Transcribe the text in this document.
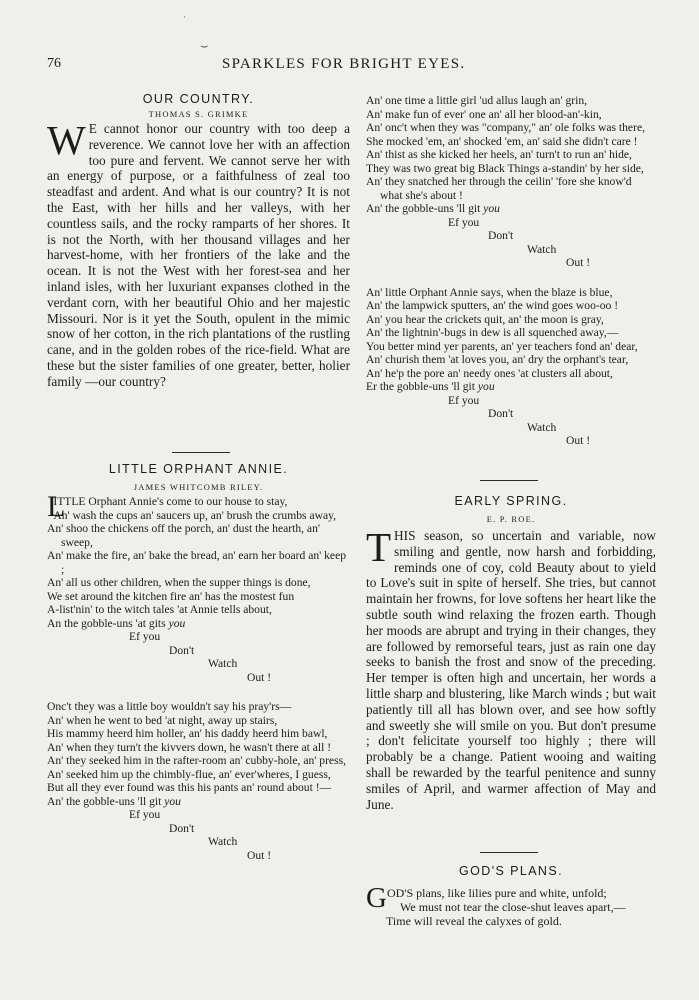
76	SPARKLES FOR BRIGHT EYES.
·
⌣
OUR COUNTRY.
THOMAS S. GRIMKE

W E cannot honor our country with too deep a reverence. We cannot love her with an affection too pure and fervent. We cannot serve her with an energy of purpose, or a faithfulness of zeal too steadfast and ardent. And what is our country? It is not the East, with her hills and her valleys, with her countless sails, and the rocky ramparts of her shores. It is not the North, with her thousand villages and her harvest-home, with her frontiers of the lake and the ocean. It is not the West with her forest-sea and her inland isles, with her luxuriant expanses clothed in the verdant corn, with her beautiful Ohio and her majestic Missouri. Nor is it yet the South, opulent in the mimic snow of her cotton, in the rich plantations of the rustling cane, and in the golden robes of the rice-field. What are these but the sister families of one greater, better, holier family —our country?

LITTLE ORPHANT ANNIE.
JAMES WHITCOMB RILEY.
L
ITTLE Orphant Annie's come to our house to stay,
An' wash the cups an' saucers up, an' brush the crumbs away,
An' shoo the chickens off the porch, an' dust the hearth, an' sweep,
An' make the fire, an' bake the bread, an' earn her board an' keep ;
An' all us other children, when the supper things is done,
We set around the kitchen fire an' has the mostest fun
A-list'nin' to the witch tales 'at Annie tells about,
An the gobble-uns 'at gits you
Ef you
Don't
Watch
Out !
Onc't they was a little boy wouldn't say his pray'rs—
An' when he went to bed 'at night, away up stairs,
His mammy heerd him holler, an' his daddy heerd him bawl,
An' when they turn't the kivvers down, he wasn't there at all !
An' they seeked him in the rafter-room an' cubby-hole, an' press,
An' seeked him up the chimbly-flue, an' ever'wheres, I guess,
But all they ever found was this his pants an' round about !—
An' the gobble-uns 'll git you
Ef you
Don't
Watch
Out !
An' one time a little girl 'ud allus laugh an' grin,
An' make fun of ever' one an' all her blood-an'-kin,
An' onc't when they was "company," an' ole folks was there,
She mocked 'em, an' shocked 'em, an' said she didn't care !
An' thist as she kicked her heels, an' turn't to run an' hide,
They was two great big Black Things a-standin' by her side,
An' they snatched her through the ceilin' 'fore she know'd what she's about !
An' the gobble-uns 'll git you
Ef you
Don't
Watch
Out !
An' little Orphant Annie says, when the blaze is blue,
An' the lampwick sputters, an' the wind goes woo-oo !
An' you hear the crickets quit, an' the moon is gray,
An' the lightnin'-bugs in dew is all squenched away,—
You better mind yer parents, an' yer teachers fond an' dear,
An' churish them 'at loves you, an' dry the orphant's tear,
An' he'p the pore an' needy ones 'at clusters all about,
Er the gobble-uns 'll git you
Ef you
Don't
Watch
Out !
EARLY SPRING.
E. P. ROE.

THIS season, so uncertain and variable, now smiling and gentle, now harsh and forbidding, reminds one of coy, cold Beauty about to yield to Love's suit in spite of herself. She tries, but cannot maintain her frowns, for love softens her heart like the subtle south wind relaxing the frozen earth. Though her moods are abrupt and trying in their changes, they are followed by remorseful tears, just as rain one day seeks to banish the frost and snow of the preceding. Her temper is often high and uncertain, her words a little sharp and blustering, like March winds ; but wait patiently till all has blown over, and see how softly and sweetly she will smile on you. But don't presume ; don't felicitate yourself too highly ; there will probably be a change. Patient wooing and waiting shall be rewarded by the tearful penitence and sunny smiles of April, and warmer affection of May and June.

GOD'S PLANS.
GOD'S plans, like lilies pure and white, unfold;
We must not tear the close-shut leaves apart,—
Time will reveal the calyxes of gold.
